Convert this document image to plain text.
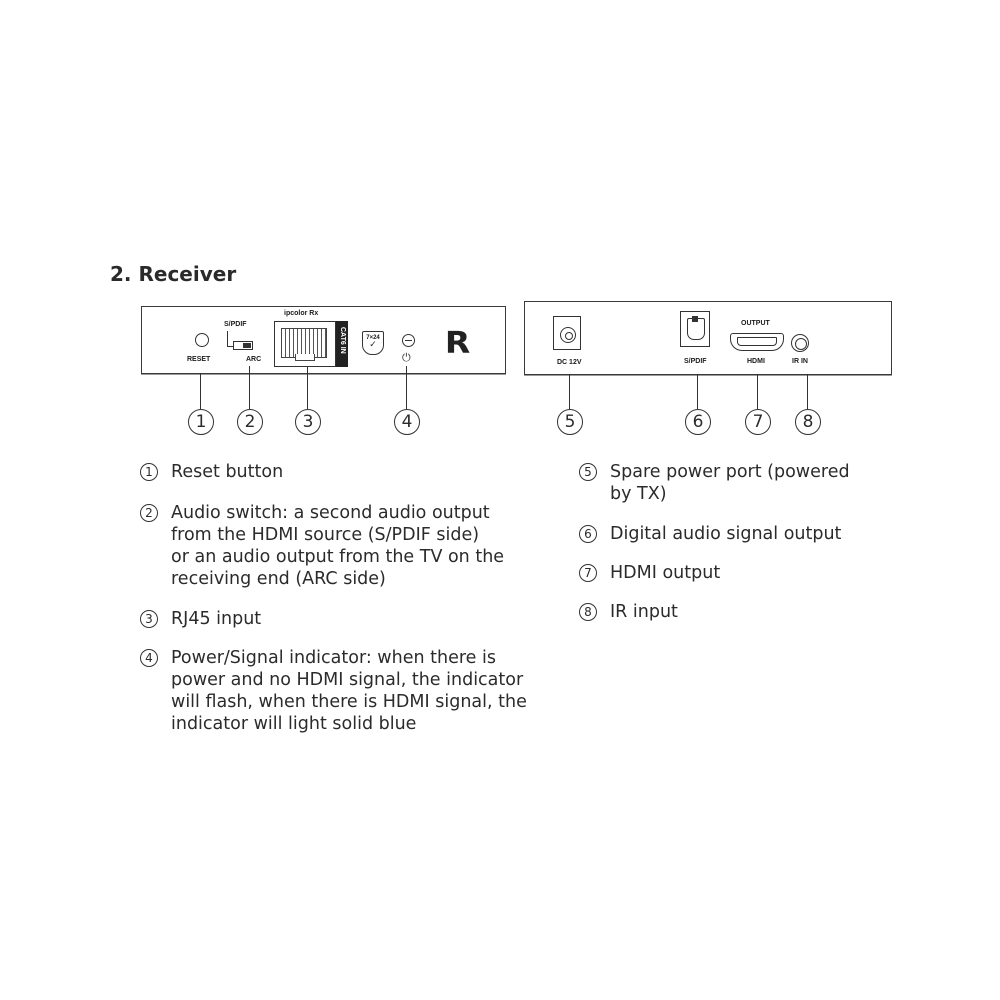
2. Receiver
RESET
S/PDIF
ARC
ipcolor Rx
CAT6 IN	7×24
✓
⏻ R
DC 12V	S/PDIF
OUTPUT
HDMI	IR IN
1	2	3	4	5	6	7	8
1 Reset button
2 Audio switch: a second audio output
from the HDMI source (S/PDIF side)
or an audio output from the TV on the
receiving end (ARC side)
3 RJ45 input
4 Power/Signal indicator: when there is
power and no HDMI signal, the indicator
will flash, when there is HDMI signal, the
indicator will light solid blue
5 Spare power port (powered
by TX)
6 Digital audio signal output
7 HDMI output
8 IR input
